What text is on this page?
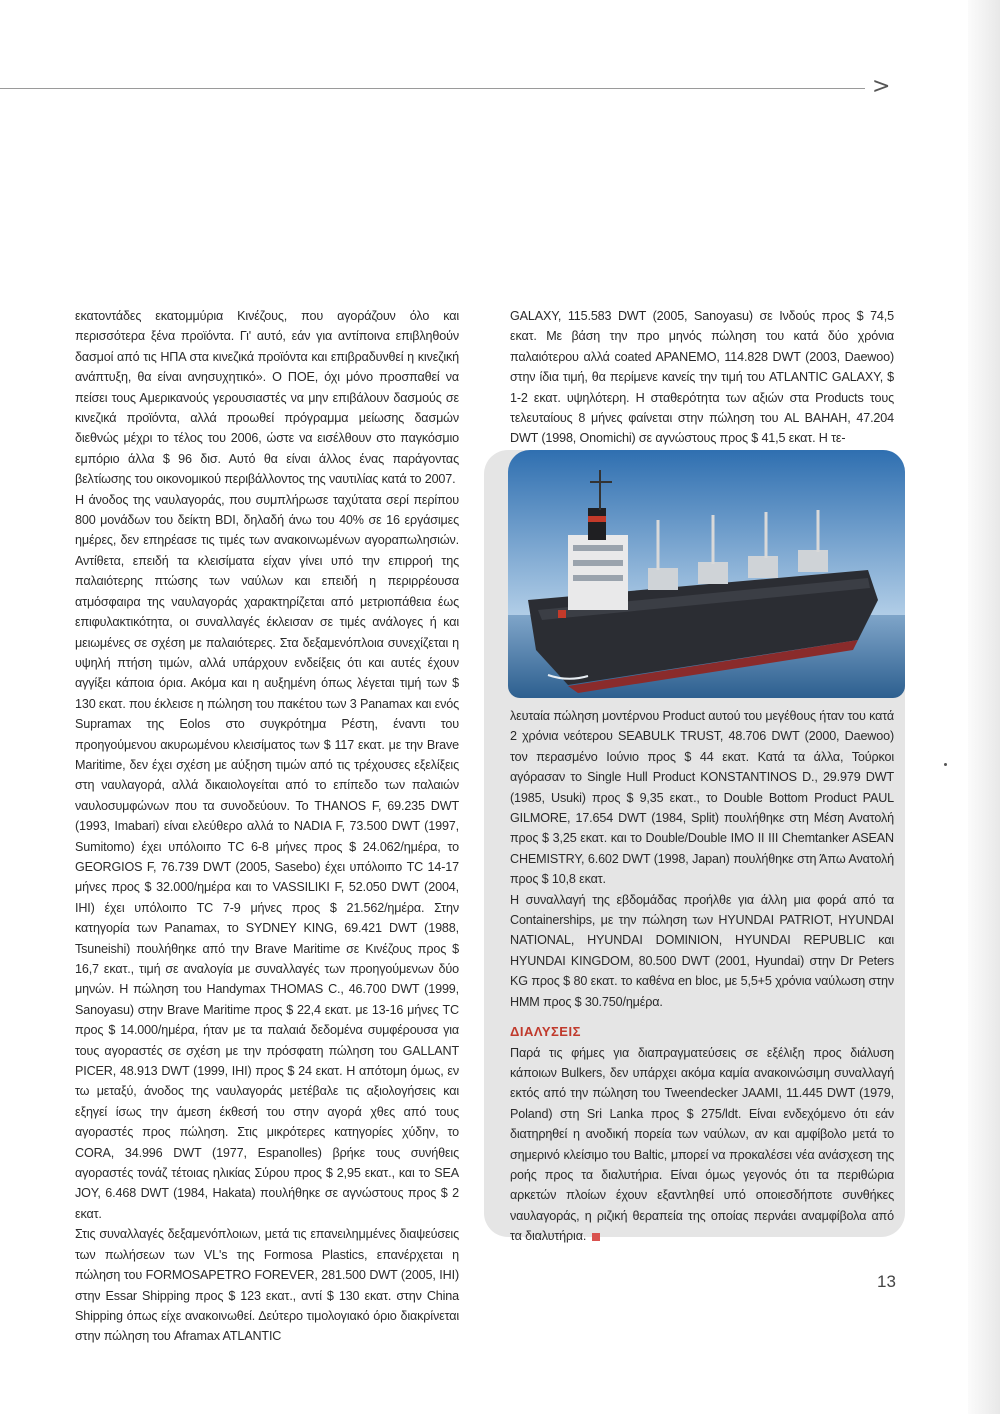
>

εκατοντάδες εκατομμύρια Κινέζους, που αγοράζουν όλο και περισσότερα ξένα προϊόντα. Γι' αυτό, εάν για αντίποινα επιβληθούν δασμοί από τις ΗΠΑ στα κινεζικά προϊόντα και επιβραδυνθεί η κινεζική ανάπτυξη, θα είναι ανησυχητικό». Ο ΠΟΕ, όχι μόνο προσπαθεί να πείσει τους Αμερικανούς γερουσιαστές να μην επιβάλουν δασμούς σε κινεζικά προϊόντα, αλλά προωθεί πρόγραμμα μείωσης δασμών διεθνώς μέχρι το τέλος του 2006, ώστε να εισέλθουν στο παγκόσμιο εμπόριο άλλα $ 96 δισ. Αυτό θα είναι άλλος ένας παράγοντας βελτίωσης του οικονομικού περιβάλλοντος της ναυτιλίας κατά το 2007.

Η άνοδος της ναυλαγοράς, που συμπλήρωσε ταχύτατα σερί περίπου 800 μονάδων του δείκτη BDI, δηλαδή άνω του 40% σε 16 εργάσιμες ημέρες, δεν επηρέασε τις τιμές των ανακοινωμένων αγοραπωλησιών. Αντίθετα, επειδή τα κλεισίματα είχαν γίνει υπό την επιρροή της παλαιότερης πτώσης των ναύλων και επειδή η περιρρέουσα ατμόσφαιρα της ναυλαγοράς χαρακτηρίζεται από μετριοπάθεια έως επιφυλακτικότητα, οι συναλλαγές έκλεισαν σε τιμές ανάλογες ή και μειωμένες σε σχέση με παλαιότερες. Στα δεξαμενόπλοια συνεχίζεται η υψηλή πτήση τιμών, αλλά υπάρχουν ενδείξεις ότι και αυτές έχουν αγγίξει κάποια όρια. Ακόμα και η αυξημένη όπως λέγεται τιμή των $ 130 εκατ. που έκλεισε η πώληση του πακέτου των 3 Panamax και ενός Supramax της Eolos στο συγκρότημα Ρέστη, έναντι του προηγούμενου ακυρωμένου κλεισίματος των $ 117 εκατ. με την Brave Maritime, δεν έχει σχέση με αύξηση τιμών από τις τρέχουσες εξελίξεις στη ναυλαγορά, αλλά δικαιολογείται από το επίπεδο των παλαιών ναυλοσυμφώνων που τα συνοδεύουν. Το THANOS F, 69.235 DWT (1993, Imabari) είναι ελεύθερο αλλά το NADIA F, 73.500 DWT (1997, Sumitomo) έχει υπόλοιπο TC 6-8 μήνες προς $ 24.062/ημέρα, το GEORGIOS F, 76.739 DWT (2005, Sasebo) έχει υπόλοιπο TC 14-17 μήνες προς $ 32.000/ημέρα και το VASSILIKI F, 52.050 DWT (2004, IHI) έχει υπόλοιπο TC 7-9 μήνες προς $ 21.562/ημέρα. Στην κατηγορία των Panamax, το SYDNEY KING, 69.421 DWT (1988, Tsuneishi) πουλήθηκε από την Brave Maritime σε Κινέζους προς $ 16,7 εκατ., τιμή σε αναλογία με συναλλαγές των προηγούμενων δύο μηνών. Η πώληση του Handymax THOMAS C., 46.700 DWT (1999, Sanoyasu) στην Brave Maritime προς $ 22,4 εκατ. με 13-16 μήνες TC προς $ 14.000/ημέρα, ήταν με τα παλαιά δεδομένα συμφέρουσα για τους αγοραστές σε σχέση με την πρόσφατη πώληση του GALLANT PICER, 48.913 DWT (1999, IHI) προς $ 24 εκατ. Η απότομη όμως, εν τω μεταξύ, άνοδος της ναυλαγοράς μετέβαλε τις αξιολογήσεις και εξηγεί ίσως την άμεση έκθεσή του στην αγορά χθες από τους αγοραστές προς πώληση. Στις μικρότερες κατηγορίες χύδην, το CORA, 34.996 DWT (1977, Espanolles) βρήκε τους συνήθεις αγοραστές τονάζ τέτοιας ηλικίας Σύρου προς $ 2,95 εκατ., και το SEA JOY, 6.468 DWT (1984, Hakata) πουλήθηκε σε αγνώστους προς $ 2 εκατ.

Στις συναλλαγές δεξαμενόπλοιων, μετά τις επανειλημμένες διαψεύσεις των πωλήσεων των VL's της Formosa Plastics, επανέρχεται η πώληση του FORMOSAPETRO FOREVER, 281.500 DWT (2005, IHI) στην Essar Shipping προς $ 123 εκατ., αντί $ 130 εκατ. στην China Shipping όπως είχε ανακοινωθεί. Δεύτερο τιμολογιακό όριο διακρίνεται στην πώληση του Aframax ATLANTIC

GALAXY, 115.583 DWT (2005, Sanoyasu) σε Ινδούς προς $ 74,5 εκατ. Με βάση την προ μηνός πώληση του κατά δύο χρόνια παλαιότερου αλλά coated APANEMO, 114.828 DWT (2003, Daewoo) στην ίδια τιμή, θα περίμενε κανείς την τιμή του ATLANTIC GALAXY, $ 1-2 εκατ. υψηλότερη. Η σταθερότητα των αξιών στα Products τους τελευταίους 8 μήνες φαίνεται στην πώληση του AL BAHAH, 47.204 DWT (1998, Onomichi) σε αγνώστους προς $ 41,5 εκατ. Η τε-

λευταία πώληση μοντέρνου Product αυτού του μεγέθους ήταν του κατά 2 χρόνια νεότερου SEABULK TRUST, 48.706 DWT (2000, Daewoo) τον περασμένο Ιούνιο προς $ 44 εκατ. Κατά τα άλλα, Τούρκοι αγόρασαν το Single Hull Product KONSTANTINOS D., 29.979 DWT (1985, Usuki) προς $ 9,35 εκατ., το Double Bottom Product PAUL GILMORE, 17.654 DWT (1984, Split) πουλήθηκε στη Μέση Ανατολή προς $ 3,25 εκατ. και το Double/Double IMO II III Chemtanker ASEAN CHEMISTRY, 6.602 DWT (1998, Japan) πουλήθηκε στη Άπω Ανατολή προς $ 10,8 εκατ.

Η συναλλαγή της εβδομάδας προήλθε για άλλη μια φορά από τα Containerships, με την πώληση των HYUNDAI PATRIOT, HYUNDAI NATIONAL, HYUNDAI DOMINION, HYUNDAI REPUBLIC και HYUNDAI KINGDOM, 80.500 DWT (2001, Hyundai) στην Dr Peters KG προς $ 80 εκατ. το καθένα en bloc, με 5,5+5 χρόνια ναύλωση στην HMM προς $ 30.750/ημέρα.

ΔΙΑΛΥΣΕΙΣ

Παρά τις φήμες για διαπραγματεύσεις σε εξέλιξη προς διάλυση κάποιων Bulkers, δεν υπάρχει ακόμα καμία ανακοινώσιμη συναλλαγή εκτός από την πώληση του Tweendecker JAAMI, 11.445 DWT (1979, Poland) στη Sri Lanka προς $ 275/ldt. Είναι ενδεχόμενο ότι εάν διατηρηθεί η ανοδική πορεία των ναύλων, αν και αμφίβολο μετά το σημερινό κλείσιμο του Baltic, μπορεί να προκαλέσει νέα ανάσχεση της ροής προς τα διαλυτήρια. Είναι όμως γεγονός ότι τα περιθώρια αρκετών πλοίων έχουν εξαντληθεί υπό οποιεσδήποτε συνθήκες ναυλαγοράς, η ριζική θεραπεία της οποίας περνάει αναμφίβολα από τα διαλυτήρια.

13
